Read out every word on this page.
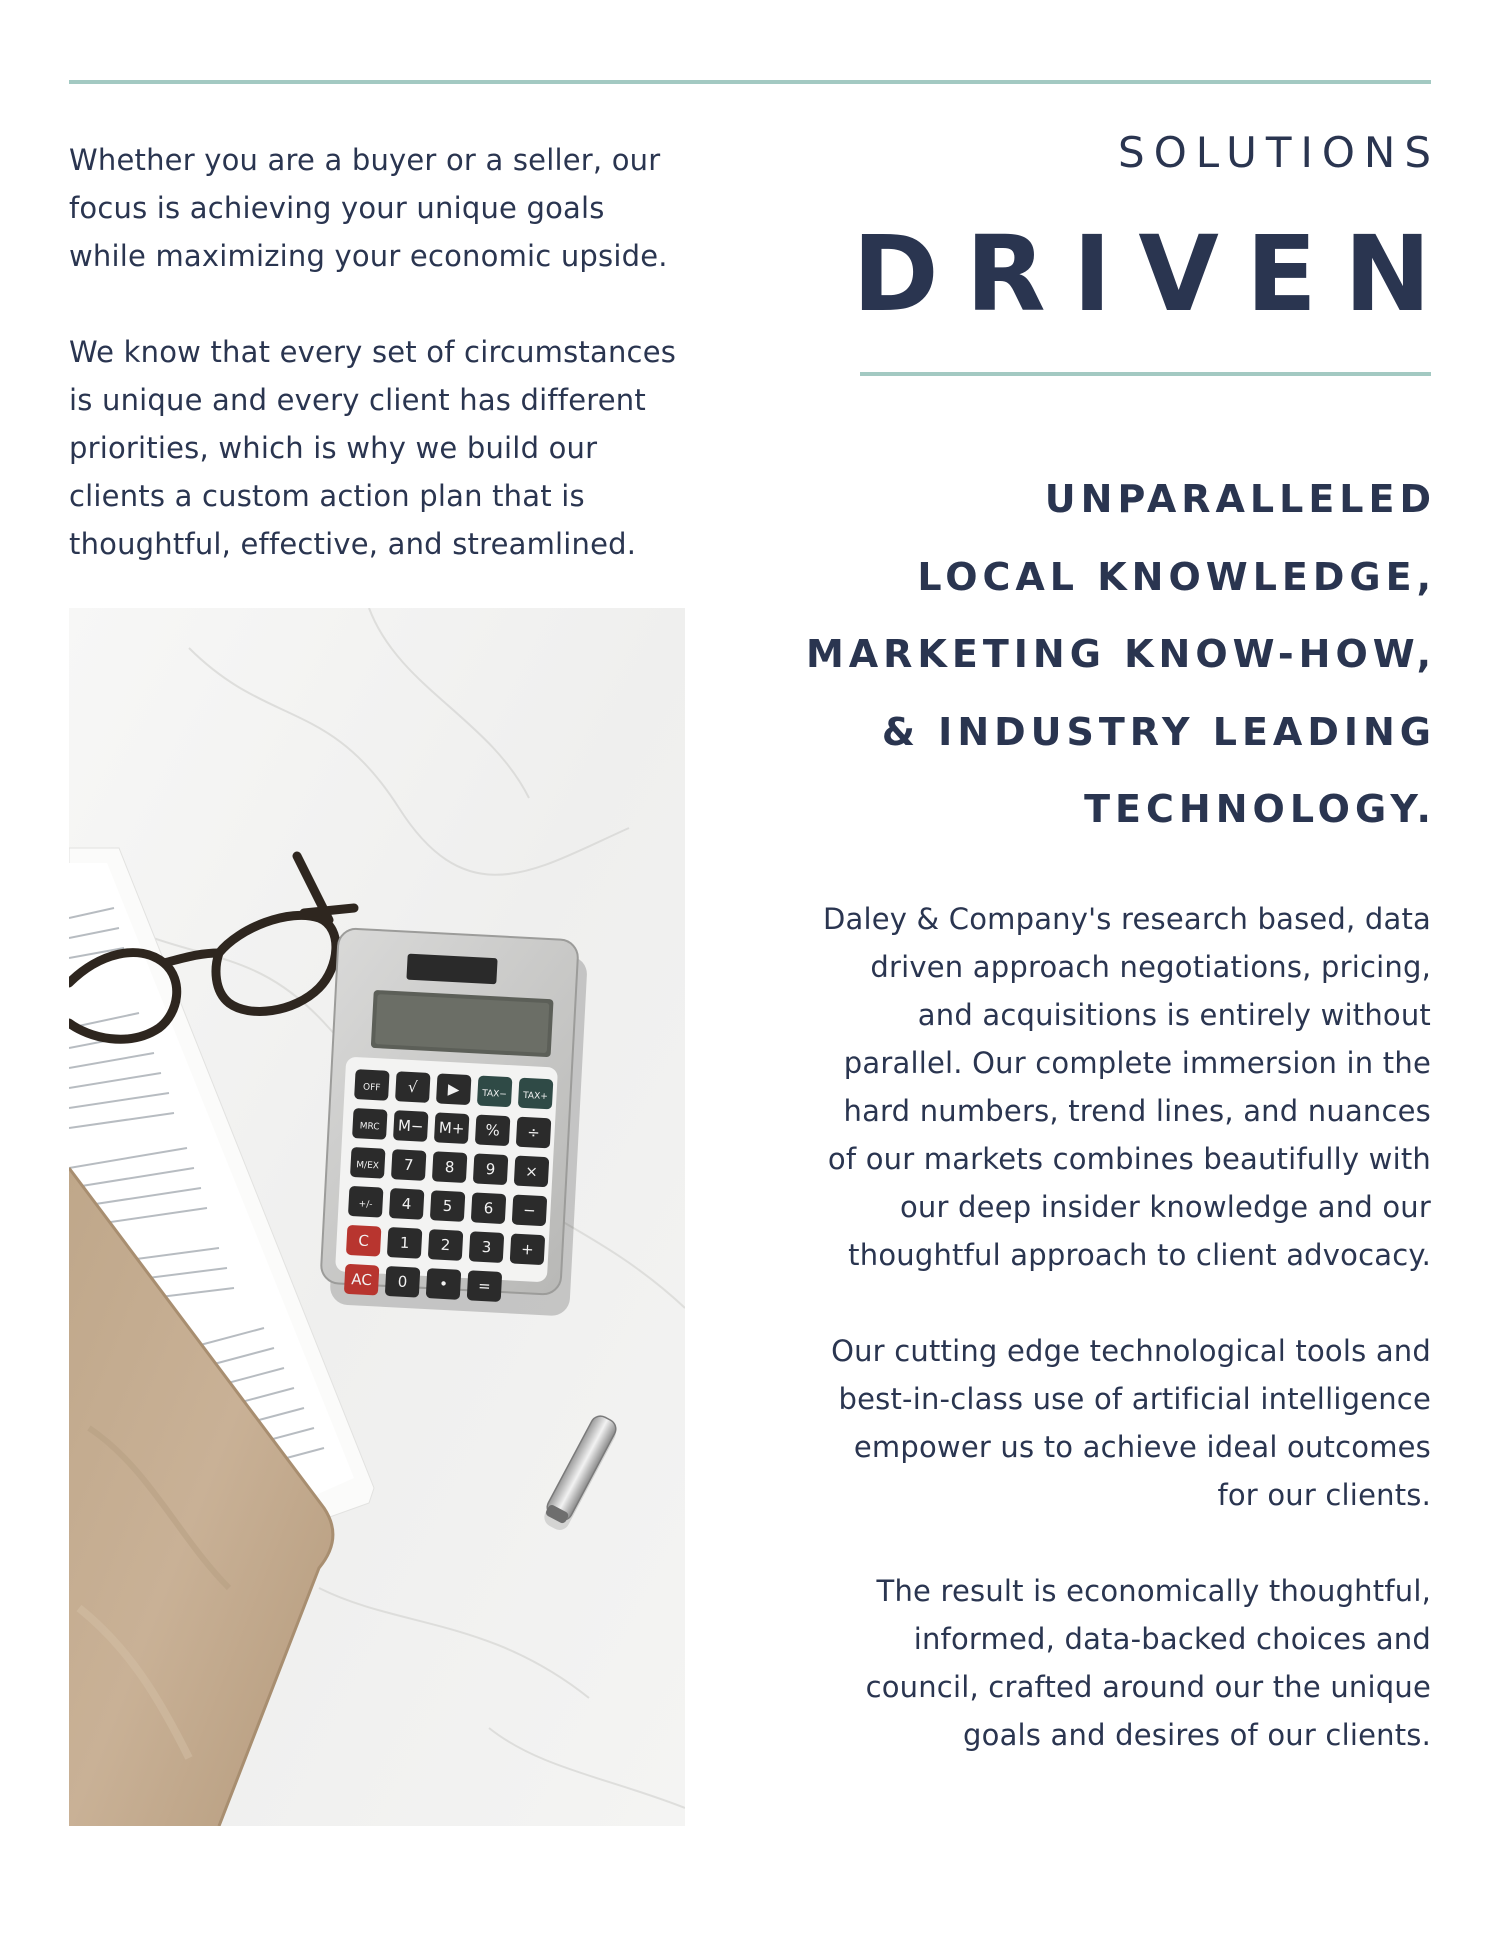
Whether you are a buyer or a seller, our focus is achieving your unique goals while maximizing your economic upside.

We know that every set of circumstances is unique and every client has different priorities, which is why we build our clients a custom action plan that is thoughtful, effective, and streamlined.

SOLUTIONS
DRIVEN
UNPARALLELED
LOCAL KNOWLEDGE,
MARKETING KNOW-HOW,
& INDUSTRY LEADING
TECHNOLOGY.

Daley & Company's research based, data driven approach negotiations, pricing, and acquisitions is entirely without parallel. Our complete immersion in the hard numbers, trend lines, and nuances of our markets combines beautifully with our deep insider knowledge and our thoughtful approach to client advocacy.

Our cutting edge technological tools and best-in-class use of artificial intelligence empower us to achieve ideal outcomes for our clients.

The result is economically thoughtful, informed, data-backed choices and council, crafted around our the unique goals and desires of our clients.

OFF √ ▶ TAX− TAX+
MRC M− M+ % ÷
M/EX 7 8 9 ×
+/- 4 5 6 −
C 1 2 3 +
AC 0 • =
